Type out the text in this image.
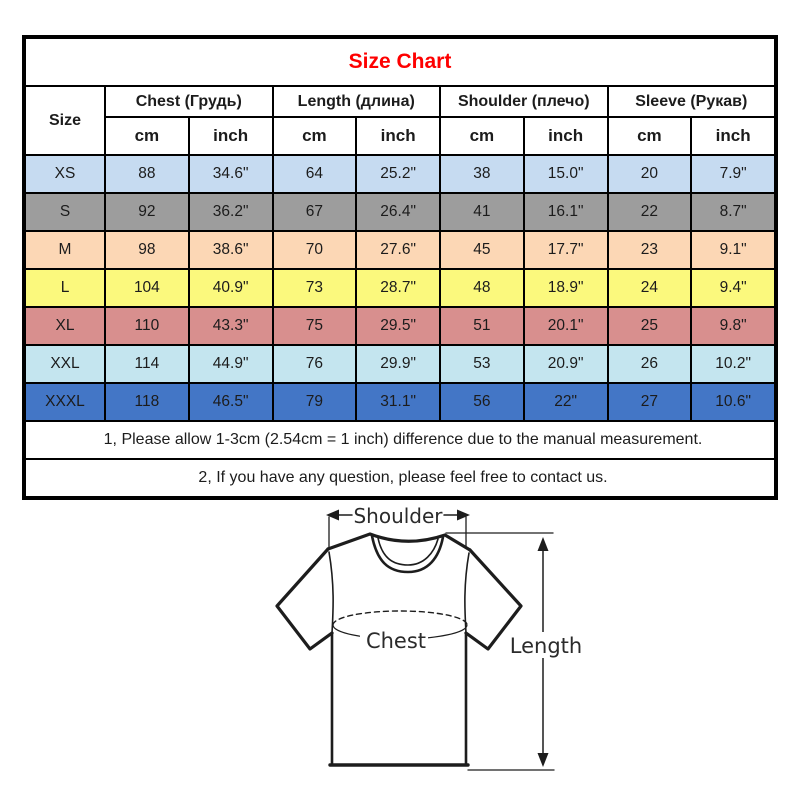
Size Chart								
Size	Chest (Грудь)		Length (длина)		Shoulder (плечо)		Sleeve (Рукав)	
	cm	inch	cm	inch	cm	inch	cm	inch
XS	88	34.6"	64	25.2"	38	15.0"	20	7.9"
S	92	36.2"	67	26.4"	41	16.1"	22	8.7"
M	98	38.6"	70	27.6"	45	17.7"	23	9.1"
L	104	40.9"	73	28.7"	48	18.9"	24	9.4"
XL	110	43.3"	75	29.5"	51	20.1"	25	9.8"
XXL	114	44.9"	76	29.9"	53	20.9"	26	10.2"
XXXL	118	46.5"	79	31.1"	56	22"	27	10.6"
1, Please allow 1-3cm (2.54cm = 1 inch) difference due to the manual measurement.								
2, If you have any question, please feel free to contact us.								
Shoulder
Chest	Length
